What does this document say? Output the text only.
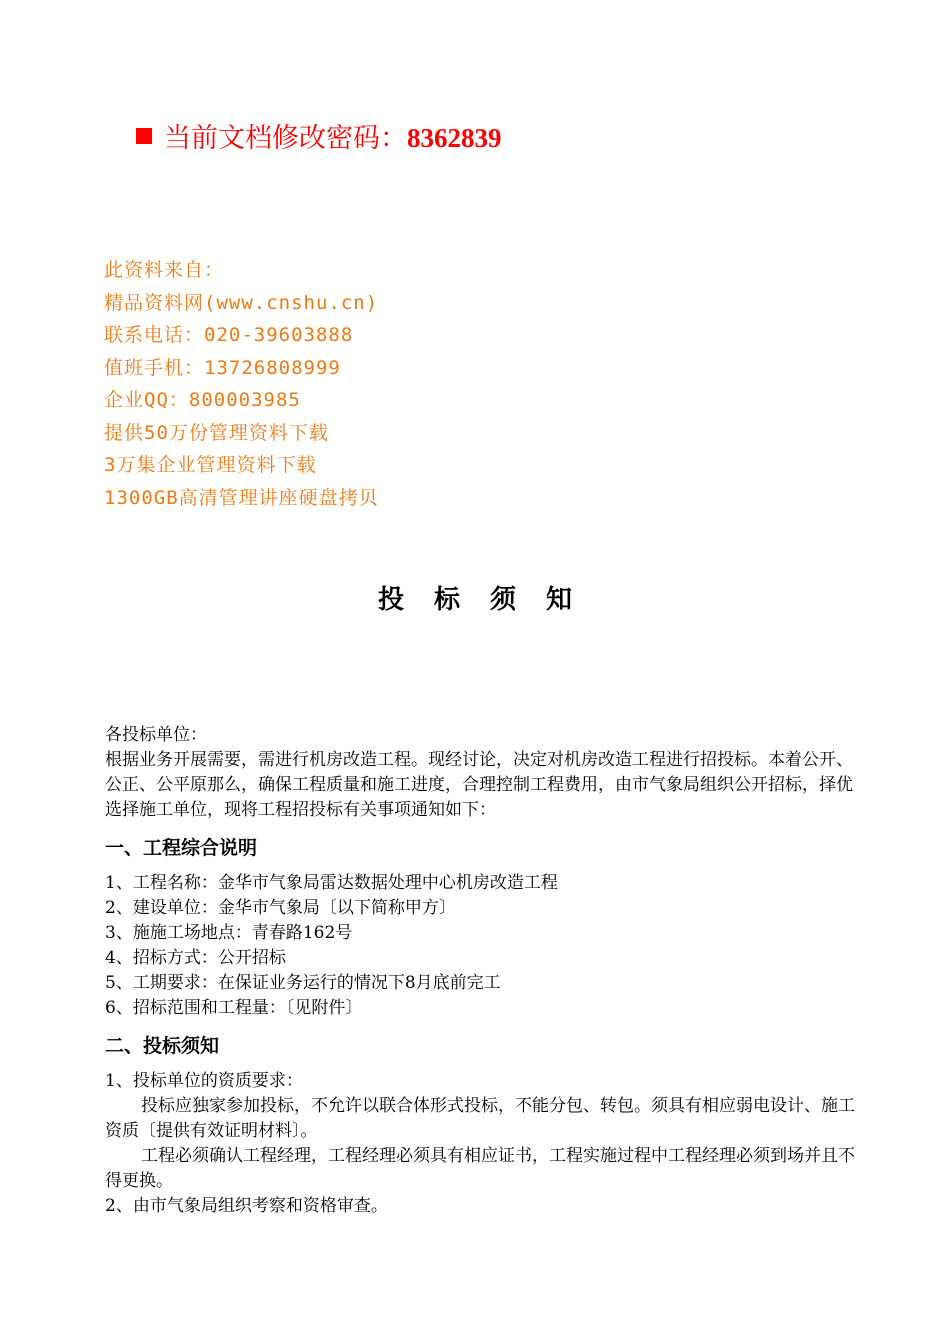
当前文档修改密码：8362839
此资料来自：
精品资料网(www.cnshu.cn)
联系电话：020-39603888
值班手机：13726808999
企业QQ：800003985
提供50万份管理资料下载
3万集企业管理资料下载
1300GB高清管理讲座硬盘拷贝
投标须知

各投标单位：

根据业务开展需要，需进行机房改造工程。现经讨论，决定对机房改造工程进行招投标。本着公开、公正、公平原那么，确保工程质量和施工进度，合理控制工程费用，由市气象局组织公开招标，择优选择施工单位，现将工程招投标有关事项通知如下：

一、工程综合说明

1、工程名称：金华市气象局雷达数据处理中心机房改造工程

2、建设单位：金华市气象局〔以下简称甲方〕

3、施施工场地点：青春路162号

4、招标方式：公开招标

5、工期要求：在保证业务运行的情况下8月底前完工

6、招标范围和工程量：〔见附件〕

二、投标须知

1、投标单位的资质要求：

投标应独家参加投标，不允许以联合体形式投标，不能分包、转包。须具有相应弱电设计、施工资质〔提供有效证明材料〕。

工程必须确认工程经理，工程经理必须具有相应证书，工程实施过程中工程经理必须到场并且不得更换。

2、由市气象局组织考察和资格审查。
